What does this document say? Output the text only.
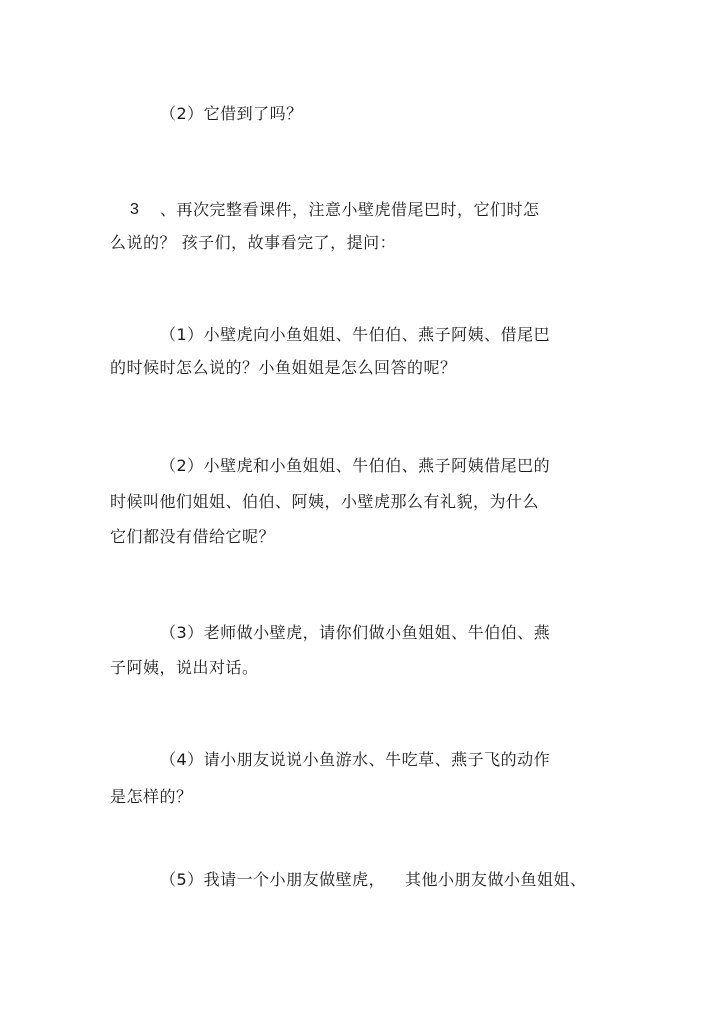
（2）它借到了吗？
3 、再次完整看课件，注意小壁虎借尾巴时，它们时怎
么说的？ 孩子们，故事看完了，提问：
（1）小壁虎向小鱼姐姐、牛伯伯、燕子阿姨、借尾巴
的时候时怎么说的？小鱼姐姐是怎么回答的呢？
（2）小壁虎和小鱼姐姐、牛伯伯、燕子阿姨借尾巴的
时候叫他们姐姐、伯伯、阿姨，小壁虎那么有礼貌，为什么
它们都没有借给它呢？
（3）老师做小壁虎，请你们做小鱼姐姐、牛伯伯、燕
子阿姨，说出对话。
（4）请小朋友说说小鱼游水、牛吃草、燕子飞的动作
是怎样的？
（5）我请一个小朋友做壁虎， 其他小朋友做小鱼姐姐、
